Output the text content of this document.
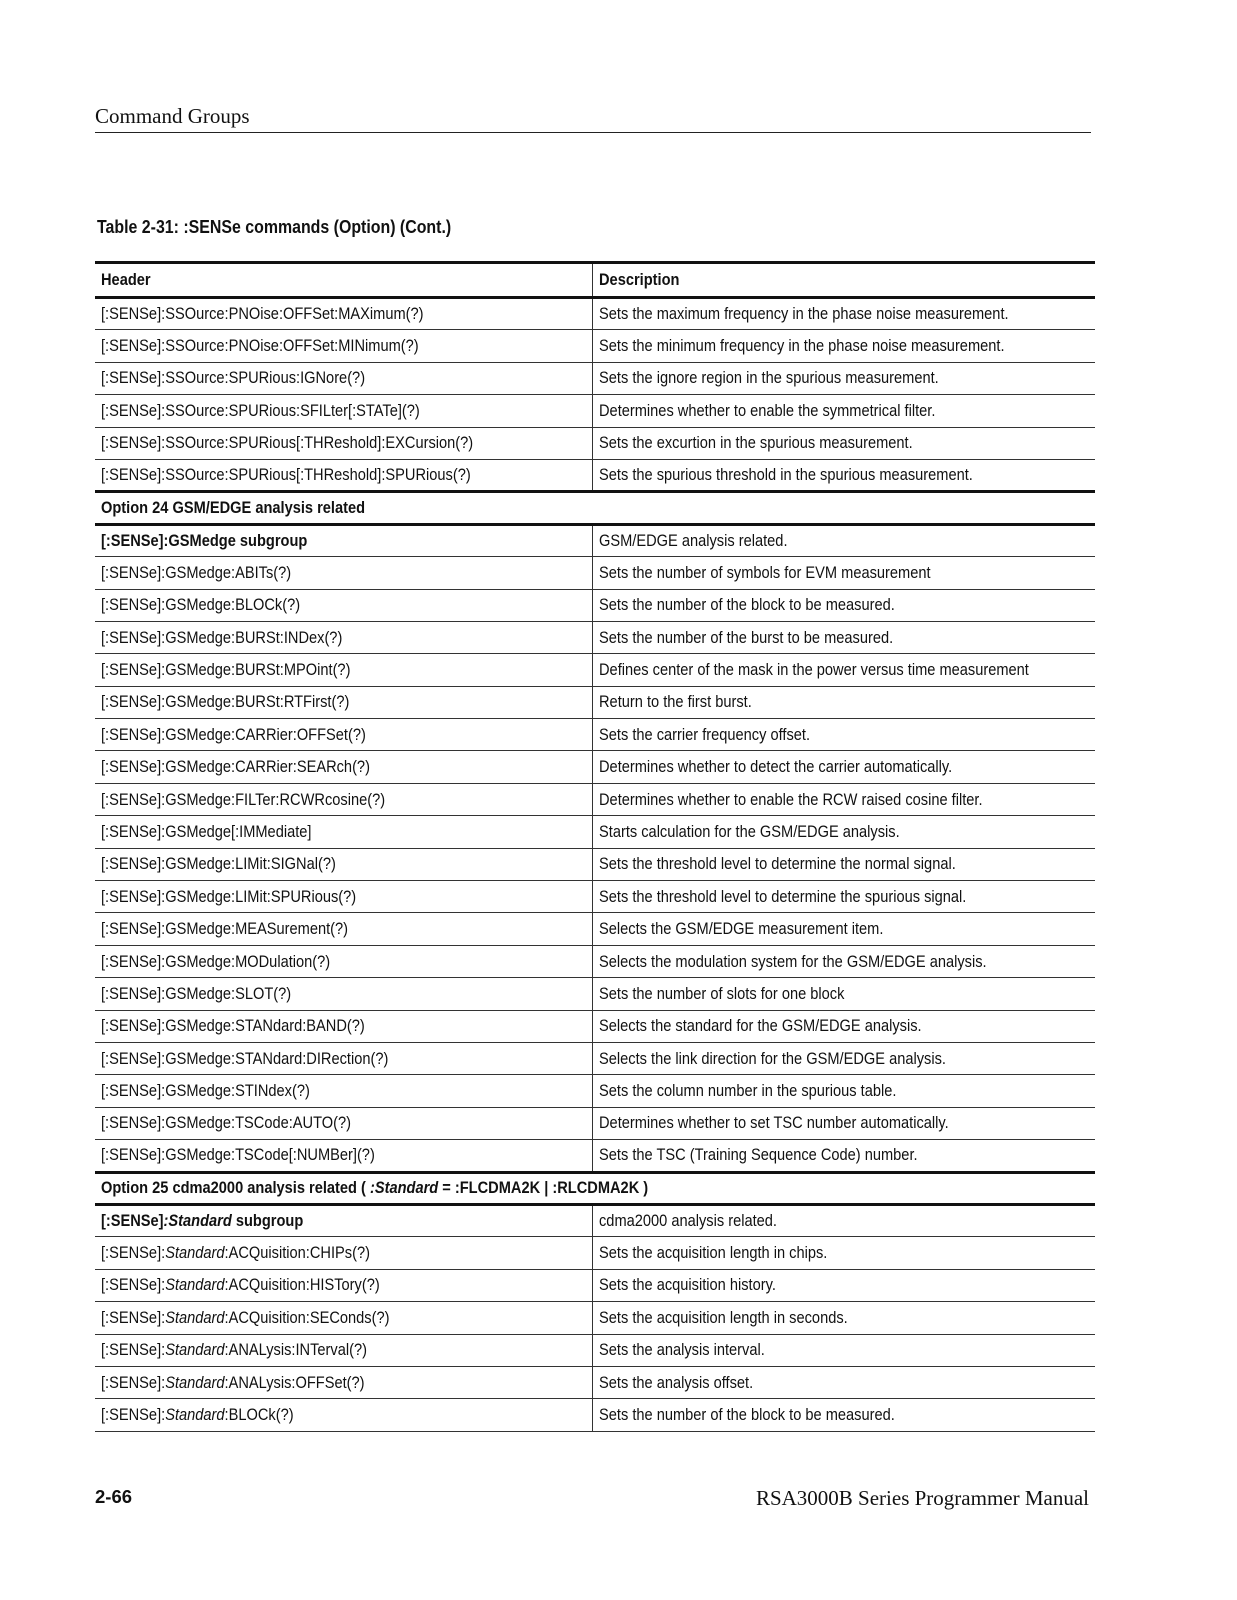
Command Groups
Table 2-31: :SENSe commands (Option) (Cont.)
Header	Description
[:SENSe]:SSOurce:PNOise:OFFSet:MAXimum(?)	Sets the maximum frequency in the phase noise measurement.
[:SENSe]:SSOurce:PNOise:OFFSet:MINimum(?)	Sets the minimum frequency in the phase noise measurement.
[:SENSe]:SSOurce:SPURious:IGNore(?)	Sets the ignore region in the spurious measurement.
[:SENSe]:SSOurce:SPURious:SFILter[:STATe](?)	Determines whether to enable the symmetrical filter.
[:SENSe]:SSOurce:SPURious[:THReshold]:EXCursion(?)	Sets the excurtion in the spurious measurement.
[:SENSe]:SSOurce:SPURious[:THReshold]:SPURious(?)	Sets the spurious threshold in the spurious measurement.
Option 24 GSM/EDGE analysis related	
[:SENSe]:GSMedge subgroup	GSM/EDGE analysis related.
[:SENSe]:GSMedge:ABITs(?)	Sets the number of symbols for EVM measurement
[:SENSe]:GSMedge:BLOCk(?)	Sets the number of the block to be measured.
[:SENSe]:GSMedge:BURSt:INDex(?)	Sets the number of the burst to be measured.
[:SENSe]:GSMedge:BURSt:MPOint(?)	Defines center of the mask in the power versus time measurement
[:SENSe]:GSMedge:BURSt:RTFirst(?)	Return to the first burst.
[:SENSe]:GSMedge:CARRier:OFFSet(?)	Sets the carrier frequency offset.
[:SENSe]:GSMedge:CARRier:SEARch(?)	Determines whether to detect the carrier automatically.
[:SENSe]:GSMedge:FILTer:RCWRcosine(?)	Determines whether to enable the RCW raised cosine filter.
[:SENSe]:GSMedge[:IMMediate]	Starts calculation for the GSM/EDGE analysis.
[:SENSe]:GSMedge:LIMit:SIGNal(?)	Sets the threshold level to determine the normal signal.
[:SENSe]:GSMedge:LIMit:SPURious(?)	Sets the threshold level to determine the spurious signal.
[:SENSe]:GSMedge:MEASurement(?)	Selects the GSM/EDGE measurement item.
[:SENSe]:GSMedge:MODulation(?)	Selects the modulation system for the GSM/EDGE analysis.
[:SENSe]:GSMedge:SLOT(?)	Sets the number of slots for one block
[:SENSe]:GSMedge:STANdard:BAND(?)	Selects the standard for the GSM/EDGE analysis.
[:SENSe]:GSMedge:STANdard:DIRection(?)	Selects the link direction for the GSM/EDGE analysis.
[:SENSe]:GSMedge:STINdex(?)	Sets the column number in the spurious table.
[:SENSe]:GSMedge:TSCode:AUTO(?)	Determines whether to set TSC number automatically.
[:SENSe]:GSMedge:TSCode[:NUMBer](?)	Sets the TSC (Training Sequence Code) number.
Option 25 cdma2000 analysis related ( :Standard = :FLCDMA2K | :RLCDMA2K )	
[:SENSe]:Standard subgroup	cdma2000 analysis related.
[:SENSe]:Standard:ACQuisition:CHIPs(?)	Sets the acquisition length in chips.
[:SENSe]:Standard:ACQuisition:HISTory(?)	Sets the acquisition history.
[:SENSe]:Standard:ACQuisition:SEConds(?)	Sets the acquisition length in seconds.
[:SENSe]:Standard:ANALysis:INTerval(?)	Sets the analysis interval.
[:SENSe]:Standard:ANALysis:OFFSet(?)	Sets the analysis offset.
[:SENSe]:Standard:BLOCk(?)	Sets the number of the block to be measured.
2-66	RSA3000B Series Programmer Manual
